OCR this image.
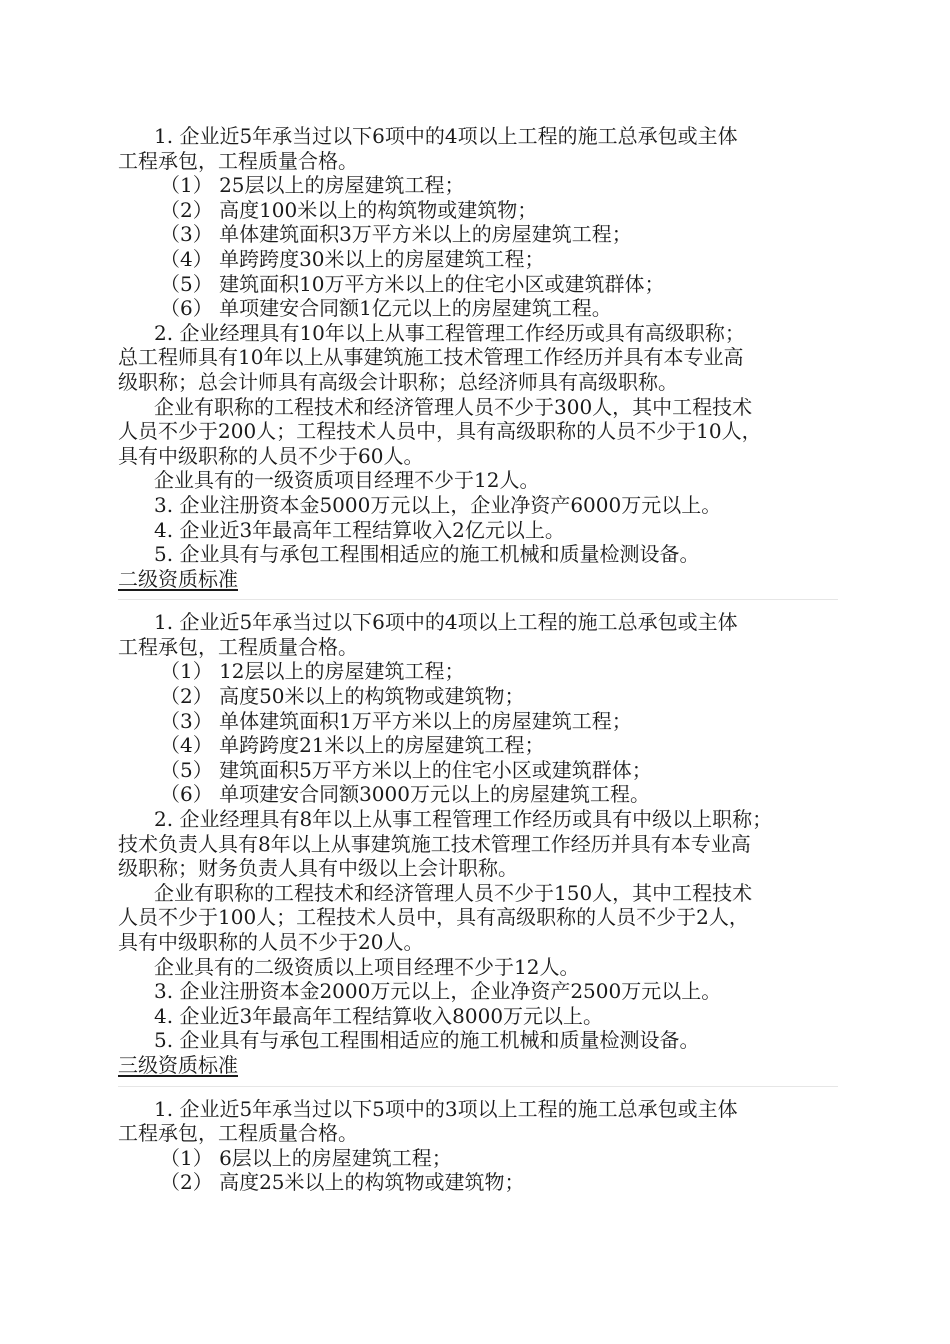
1. 企业近5年承当过以下6项中的4项以上工程的施工总承包或主体
工程承包，工程质量合格。
（1） 25层以上的房屋建筑工程；
（2） 高度100米以上的构筑物或建筑物；
（3） 单体建筑面积3万平方米以上的房屋建筑工程；
（4） 单跨跨度30米以上的房屋建筑工程；
（5） 建筑面积10万平方米以上的住宅小区或建筑群体；
（6） 单项建安合同额1亿元以上的房屋建筑工程。
2. 企业经理具有10年以上从事工程管理工作经历或具有高级职称；
总工程师具有10年以上从事建筑施工技术管理工作经历并具有本专业高
级职称；总会计师具有高级会计职称；总经济师具有高级职称。
企业有职称的工程技术和经济管理人员不少于300人，其中工程技术
人员不少于200人；工程技术人员中，具有高级职称的人员不少于10人，
具有中级职称的人员不少于60人。
企业具有的一级资质项目经理不少于12人。
3. 企业注册资本金5000万元以上，企业净资产6000万元以上。
4. 企业近3年最高年工程结算收入2亿元以上。
5. 企业具有与承包工程围相适应的施工机械和质量检测设备。
二级资质标准
1. 企业近5年承当过以下6项中的4项以上工程的施工总承包或主体
工程承包，工程质量合格。
（1） 12层以上的房屋建筑工程；
（2） 高度50米以上的构筑物或建筑物；
（3） 单体建筑面积1万平方米以上的房屋建筑工程；
（4） 单跨跨度21米以上的房屋建筑工程；
（5） 建筑面积5万平方米以上的住宅小区或建筑群体；
（6） 单项建安合同额3000万元以上的房屋建筑工程。
2. 企业经理具有8年以上从事工程管理工作经历或具有中级以上职称；
技术负责人具有8年以上从事建筑施工技术管理工作经历并具有本专业高
级职称；财务负责人具有中级以上会计职称。
企业有职称的工程技术和经济管理人员不少于150人，其中工程技术
人员不少于100人；工程技术人员中，具有高级职称的人员不少于2人，
具有中级职称的人员不少于20人。
企业具有的二级资质以上项目经理不少于12人。
3. 企业注册资本金2000万元以上，企业净资产2500万元以上。
4. 企业近3年最高年工程结算收入8000万元以上。
5. 企业具有与承包工程围相适应的施工机械和质量检测设备。
三级资质标准
1. 企业近5年承当过以下5项中的3项以上工程的施工总承包或主体
工程承包，工程质量合格。
（1） 6层以上的房屋建筑工程；
（2） 高度25米以上的构筑物或建筑物；
